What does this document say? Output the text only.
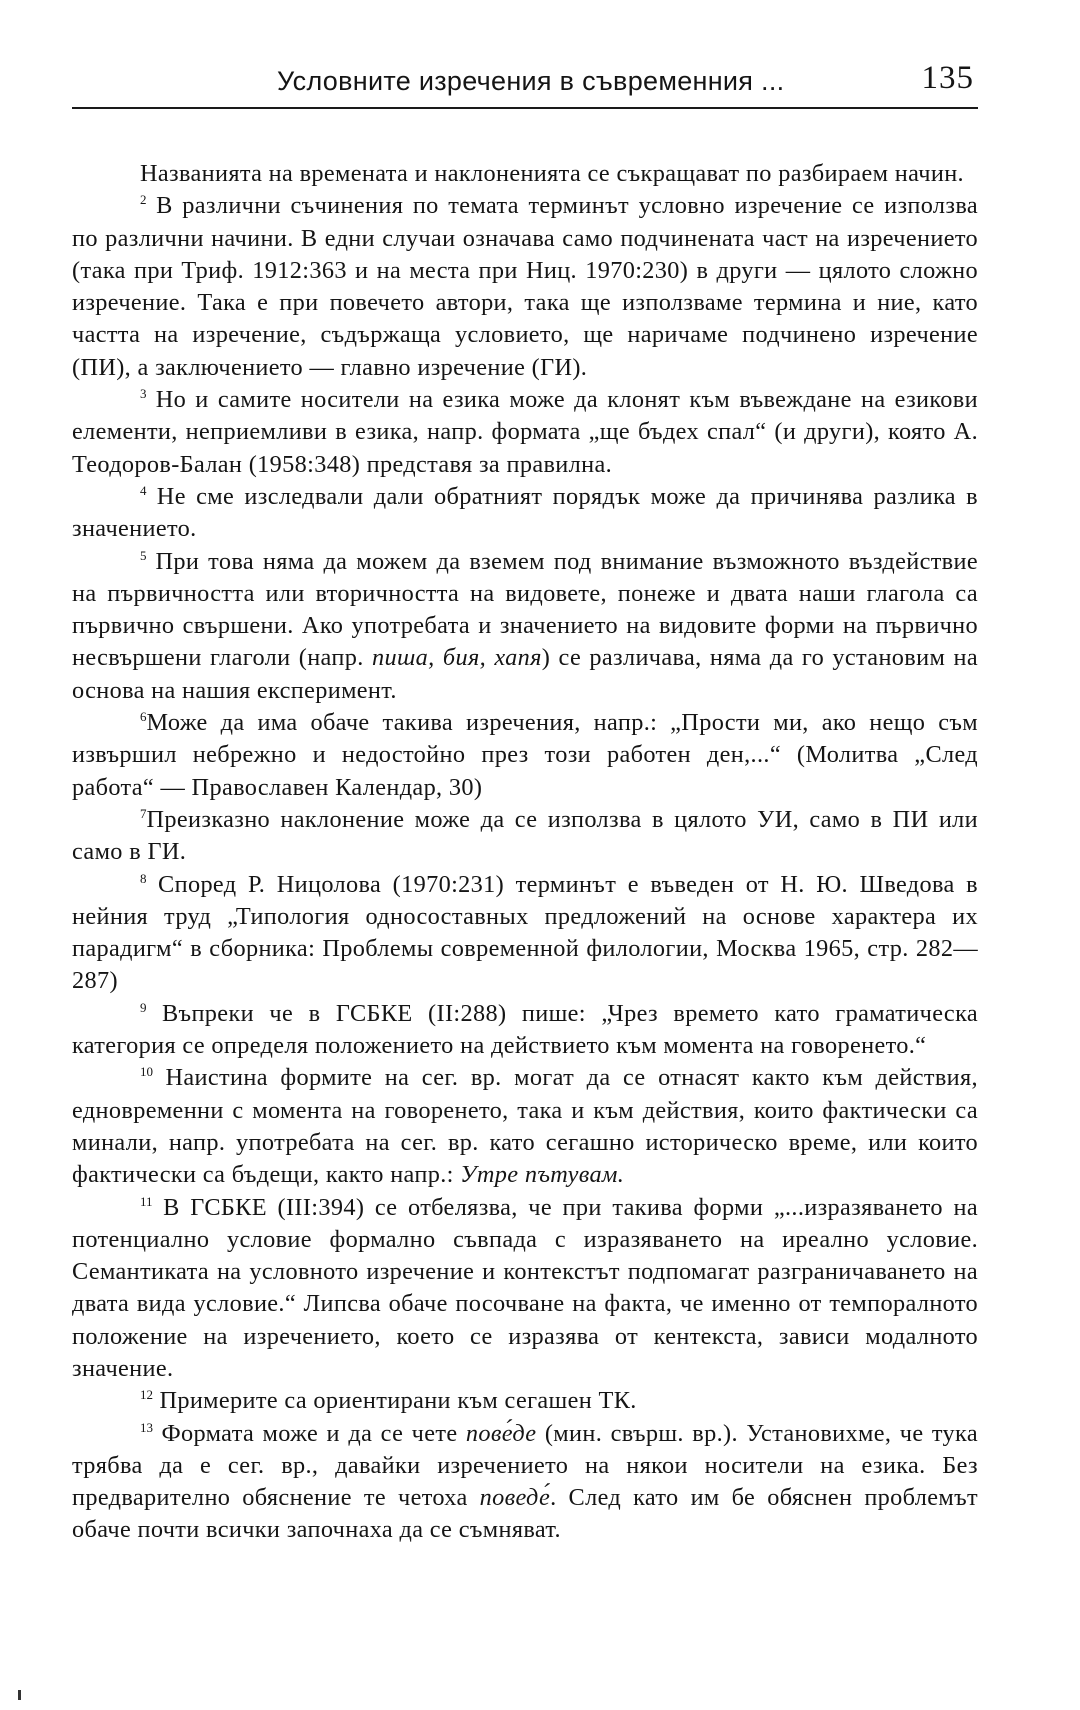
Условните изречения в съвременния ...	135

Названията на времената и наклоненията се съкращават по разбираем начин.

$^2$ В различни съчинения по темата терминът условно изречение се използва по различни начини. В едни случаи означава само подчинената част на изречението (така при Триф. 1912:363 и на места при Ниц. 1970:230) в други — цялото сложно изречение. Така е при повечето автори, така ще използваме термина и ние, като частта на изречение, съдържаща условието, ще наричаме подчинено изречение (ПИ), а заключението — главно изречение (ГИ).

$^3$ Но и самите носители на езика може да клонят към въвеждане на езикови елементи, неприемливи в езика, напр. формата „ще бъдех спал“ (и други), която А. Теодоров-Балан (1958:348) представя за правилна.

$^4$ Не сме изследвали дали обратният порядък може да причинява разлика в значението.

$^5$ При това няма да можем да вземем под внимание възможното въздействие на първичността или вторичността на видовете, понеже и двата наши глагола са първично свършени. Ако употребата и значението на видовите форми на първично несвършени глаголи (напр. пиша, бия, хапя) се различава, няма да го установим на основа на нашия експеримент.

$^6$Може да има обаче такива изречения, напр.: „Прости ми, ако нещо съм извършил небрежно и недостойно през този работен ден,...“ (Молитва „След работа“ — Православен Календар, 30)

$^7$Преизказно наклонение може да се използва в цялото УИ, само в ПИ или само в ГИ.

$^8$ Според Р. Ницолова (1970:231) терминът е въведен от Н. Ю. Шведова в нейния труд „Типология односоставных предложений на основе характера их парадигм“ в сборника: Проблемы современной филологии, Москва 1965, стр. 282—287)

$^9$ Въпреки че в ГСБКЕ (II:288) пише: „Чрез времето като граматическа категория се определя положението на действието към момента на говоренето.“

$^{10}$ Наистина формите на сег. вр. могат да се отнасят както към действия, едновременни с момента на говоренето, така и към действия, които фактически са минали, напр. употребата на сег. вр. като сегашно историческо време, или които фактически са бъдещи, както напр.: Утре пътувам.

$^{11}$ В ГСБКЕ (III:394) се отбелязва, че при такива форми „...изразяването на потенциално условие формално съвпада с изразяването на иреално условие. Семантиката на условното изречение и контекстът подпомагат разграничаването на двата вида условие.“ Липсва обаче посочване на факта, че именно от темпоралното положение на изречението, което се изразява от кентекста, зависи модалното значение.

$^{12}$ Примерите са ориентирани към сегашен ТК.

$^{13}$ Формата може и да се чете пове́де (мин. свърш. вр.). Установихме, че тука трябва да е сег. вр., давайки изречението на някои носители на езика. Без предварително обяснение те четоха поведе́. След като им бе обяснен проблемът обаче почти всички започнаха да се съмняват.
